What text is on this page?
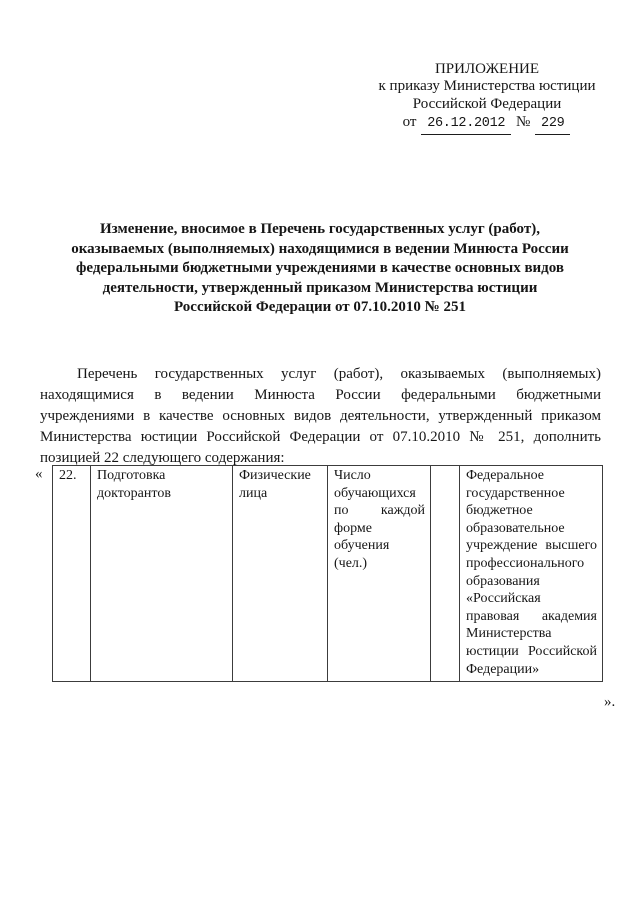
ПРИЛОЖЕНИЕ
к приказу Министерства юстиции
Российской Федерации
от 26.12.2012 № 229
Изменение, вносимое в Перечень государственных услуг (работ),
оказываемых (выполняемых) находящимися в ведении Минюста России
федеральными бюджетными учреждениями в качестве основных видов
деятельности, утвержденный приказом Министерства юстиции
Российской Федерации от 07.10.2010 № 251
Перечень государственных услуг (работ), оказываемых (выполняемых)
находящимися в ведении Минюста России федеральными бюджетными
учреждениями в качестве основных видов деятельности, утвержденный приказом
Министерства юстиции Российской Федерации от 07.10.2010 № 251, дополнить
позицией 22 следующего содержания:
« 22.	Подготовка докторантов	Физические лица	Число обучающихся по каждой форме обучения (чел.)		Федеральное государственное бюджетное образовательное учреждение высшего профессионального образования «Российская правовая академия Министерства юстиции Российской Федерации»
».
